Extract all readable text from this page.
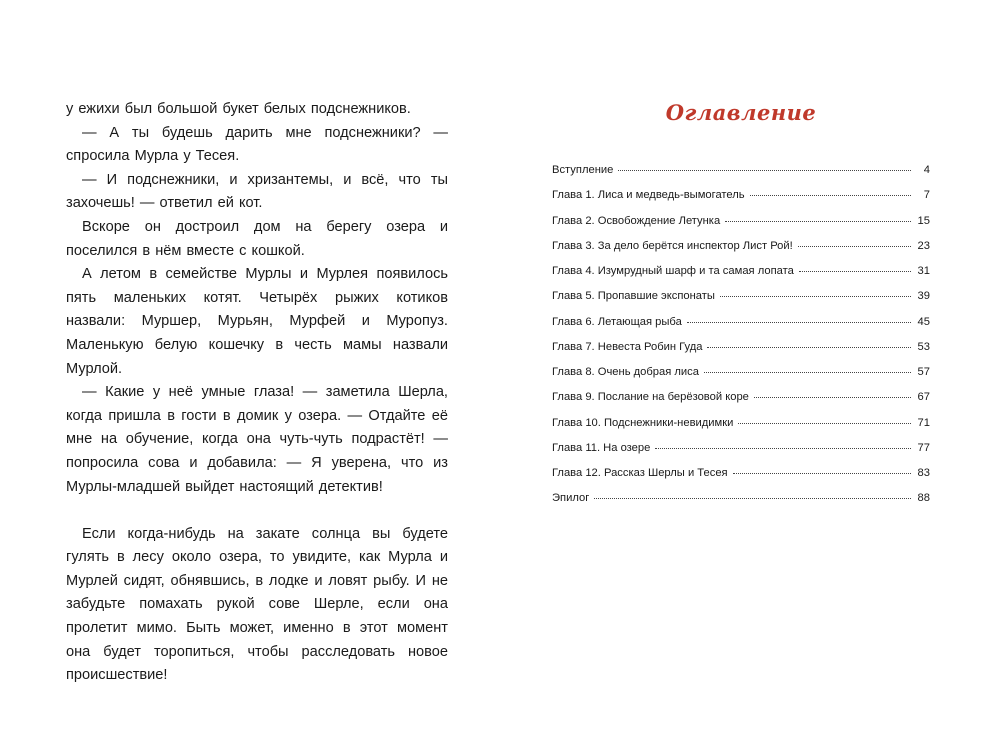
у ежихи был большой букет белых подснежников.

— А ты будешь дарить мне подснежники? — спросила Мурла у Тесея.

— И подснежники, и хризантемы, и всё, что ты захочешь! — ответил ей кот.

Вскоре он достроил дом на берегу озера и поселился в нём вместе с кошкой.

А летом в семействе Мурлы и Мурлея появилось пять маленьких котят. Четырёх рыжих котиков назвали: Муршер, Мурьян, Мурфей и Муропуз. Маленькую белую кошечку в честь мамы назвали Мурлой.

— Какие у неё умные глаза! — заметила Шерла, когда пришла в гости в домик у озера. — Отдайте её мне на обучение, когда она чуть-чуть подрастёт! — попросила сова и добавила: — Я уверена, что из Мурлы-младшей выйдет настоящий детектив!

Если когда-нибудь на закате солнца вы будете гулять в лесу около озера, то увидите, как Мурла и Мурлей сидят, обнявшись, в лодке и ловят рыбу. И не забудьте помахать рукой сове Шерле, если она пролетит мимо. Быть может, именно в этот момент она будет торопиться, чтобы расследовать новое происшествие!

Оглавление
Вступление	4
Глава 1. Лиса и медведь-вымогатель	7
Глава 2. Освобождение Летунка	15
Глава 3. За дело берётся инспектор Лист Рой!	23
Глава 4. Изумрудный шарф и та самая лопата	31
Глава 5. Пропавшие экспонаты	39
Глава 6. Летающая рыба	45
Глава 7. Невеста Робин Гуда	53
Глава 8. Очень добрая лиса	57
Глава 9. Послание на берёзовой коре	67
Глава 10. Подснежники-невидимки	71
Глава 11. На озере	77
Глава 12. Рассказ Шерлы и Тесея	83
Эпилог	88
